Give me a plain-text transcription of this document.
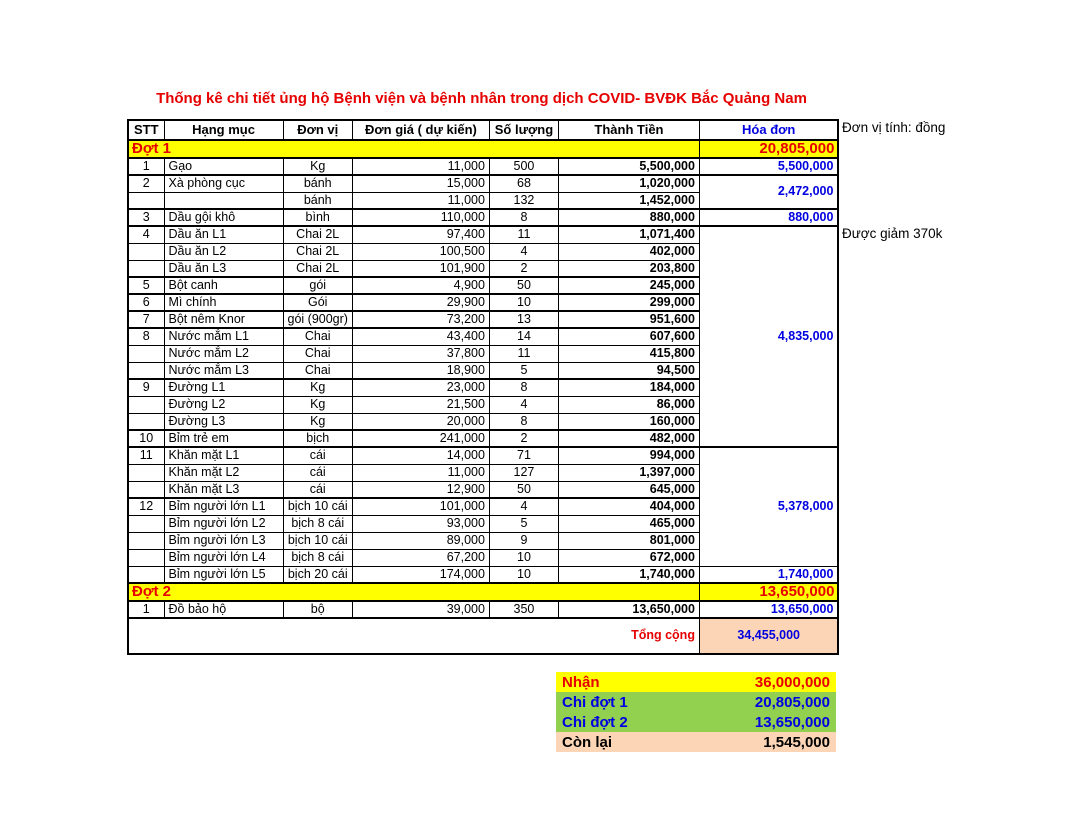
Thống kê chi tiết ủng hộ Bệnh viện và bệnh nhân trong dịch COVID- BVĐK Bắc Quảng Nam
Đơn vị tính: đồng
Được giảm 370k
STT	Hạng mục	Đơn vị	Đơn giá ( dự kiến)	Số lượng	Thành Tiền	Hóa đơn
Đợt 1						20,805,000
1	Gạo	Kg	11,000	500	5,500,000	5,500,000
2	Xà phòng cục	bánh	15,000	68	1,020,000	2,472,000
		bánh	11,000	132	1,452,000	
3	Dầu gội khô	bình	110,000	8	880,000	880,000
4	Dầu ăn L1	Chai 2L	97,400	11	1,071,400	4,835,000
	Dầu ăn L2	Chai 2L	100,500	4	402,000	
	Dầu ăn L3	Chai 2L	101,900	2	203,800	
5	Bột canh	gói	4,900	50	245,000	
6	Mì chính	Gói	29,900	10	299,000	
7	Bột nêm Knor	gói (900gr)	73,200	13	951,600	
8	Nước mắm L1	Chai	43,400	14	607,600	
	Nước mắm L2	Chai	37,800	11	415,800	
	Nước mắm L3	Chai	18,900	5	94,500	
9	Đường L1	Kg	23,000	8	184,000	
	Đường L2	Kg	21,500	4	86,000	
	Đường L3	Kg	20,000	8	160,000	
10	Bỉm trẻ em	bịch	241,000	2	482,000	
11	Khăn mặt L1	cái	14,000	71	994,000	5,378,000
	Khăn mặt L2	cái	11,000	127	1,397,000	
	Khăn mặt L3	cái	12,900	50	645,000	
12	Bỉm người lớn L1	bịch 10 cái	101,000	4	404,000	
	Bỉm người lớn L2	bịch 8 cái	93,000	5	465,000	
	Bỉm người lớn L3	bịch 10 cái	89,000	9	801,000	
	Bỉm người lớn L4	bịch 8 cái	67,200	10	672,000	
	Bỉm người lớn L5	bịch 20 cái	174,000	10	1,740,000	1,740,000
Đợt 2						13,650,000
1	Đồ bảo hộ	bộ	39,000	350	13,650,000	13,650,000
Tổng cộng						34,455,000
Nhận	36,000,000
Chi đợt 1	20,805,000
Chi đợt 2	13,650,000
Còn lại	1,545,000
